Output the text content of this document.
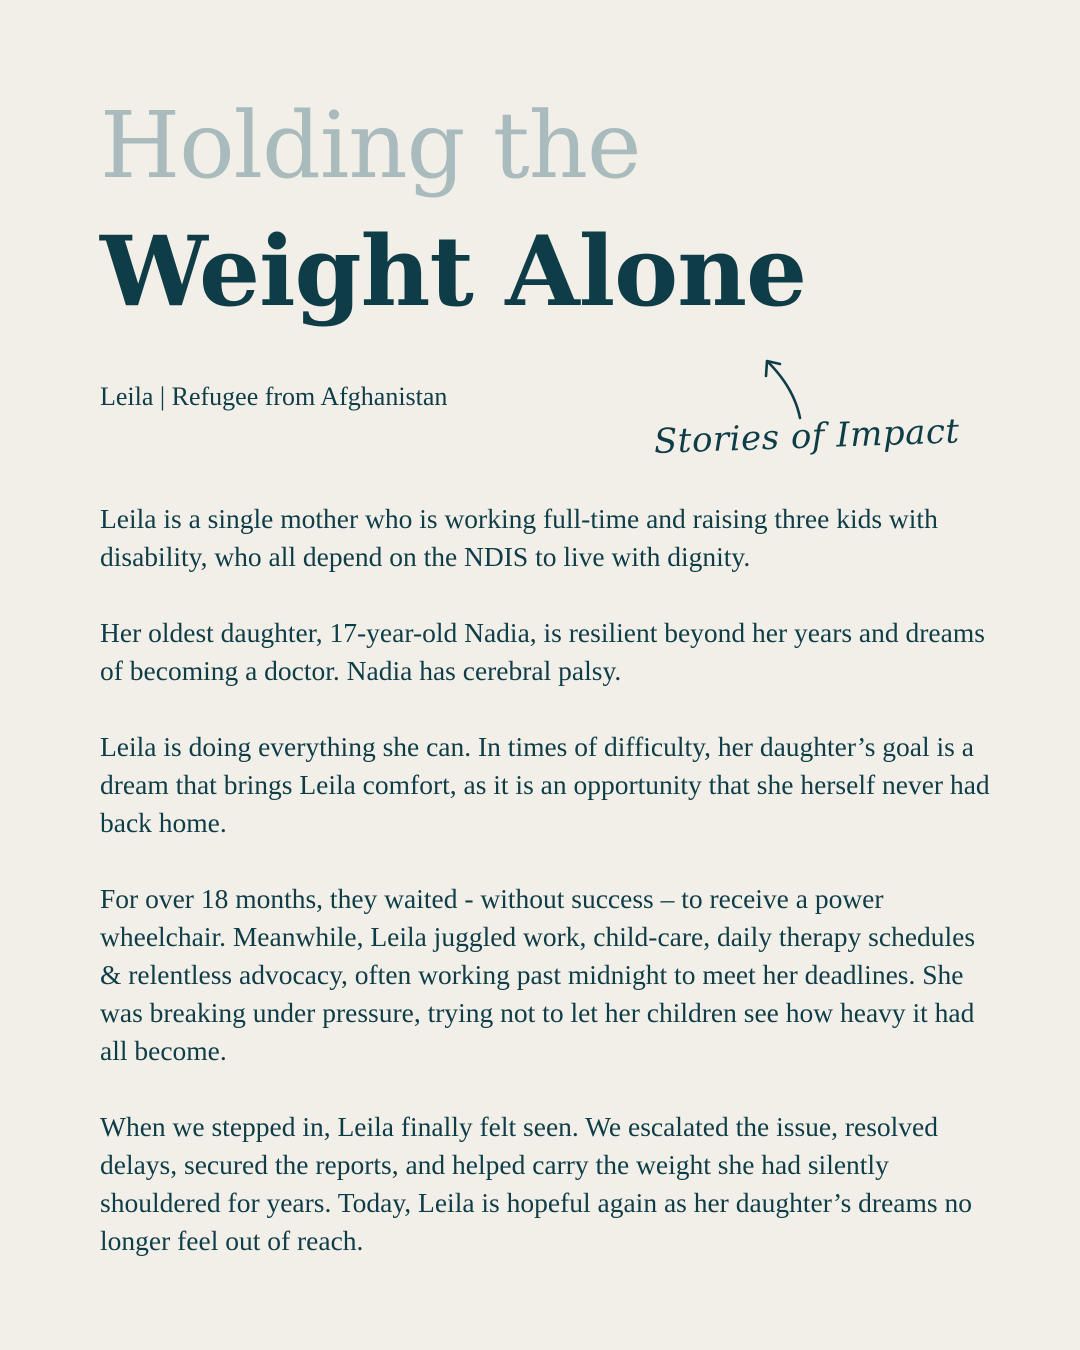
Holding the
Weight Alone

Leila | Refugee from Afghanistan

Stories of Impact

Leila is a single mother who is working full-time and raising three kids with disability, who all depend on the NDIS to live with dignity.

Her oldest daughter, 17-year-old Nadia, is resilient beyond her years and dreams of becoming a doctor. Nadia has cerebral palsy.

Leila is doing everything she can. In times of difficulty, her daughter’s goal is a dream that brings Leila comfort, as it is an opportunity that she herself never had back home.

For over 18 months, they waited - without success – to receive a power wheelchair. Meanwhile, Leila juggled work, child-care, daily therapy schedules & relentless advocacy, often working past midnight to meet her deadlines. She was breaking under pressure, trying not to let her children see how heavy it had all become.

When we stepped in, Leila finally felt seen. We escalated the issue, resolved delays, secured the reports, and helped carry the weight she had silently shouldered for years. Today, Leila is hopeful again as her daughter’s dreams no longer feel out of reach.
